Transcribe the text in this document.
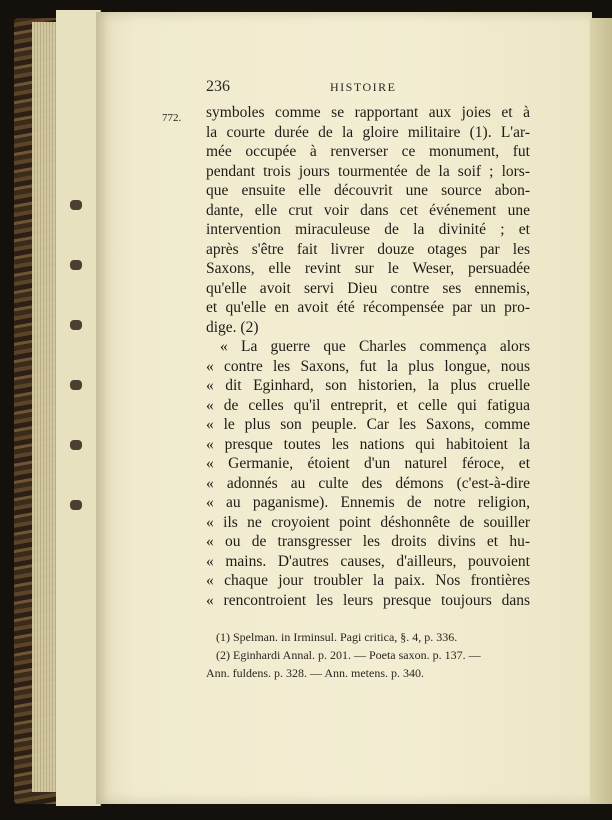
236	HISTOIRE
772. symboles comme se rapportant aux joies et à
la courte durée de la gloire militaire (1). L'ar-
mée occupée à renverser ce monument, fut
pendant trois jours tourmentée de la soif ; lors-
que ensuite elle découvrit une source abon-
dante, elle crut voir dans cet événement une
intervention miraculeuse de la divinité ; et
après s'être fait livrer douze otages par les
Saxons, elle revint sur le Weser, persuadée
qu'elle avoit servi Dieu contre ses ennemis,
et qu'elle en avoit été récompensée par un pro-
dige. (2)
« La guerre que Charles commença alors
« contre les Saxons, fut la plus longue, nous
« dit Eginhard, son historien, la plus cruelle
« de celles qu'il entreprit, et celle qui fatigua
« le plus son peuple. Car les Saxons, comme
« presque toutes les nations qui habitoient la
« Germanie, étoient d'un naturel féroce, et
« adonnés au culte des démons (c'est-à-dire
« au paganisme). Ennemis de notre religion,
« ils ne croyoient point déshonnête de souiller
« ou de transgresser les droits divins et hu-
« mains. D'autres causes, d'ailleurs, pouvoient
« chaque jour troubler la paix. Nos frontières
« rencontroient les leurs presque toujours dans
(1) Spelman. in Irminsul. Pagi critica, §. 4, p. 336.
(2) Eginhardi Annal. p. 201. — Poeta saxon. p. 137. —
Ann. fuldens. p. 328. — Ann. metens. p. 340.
